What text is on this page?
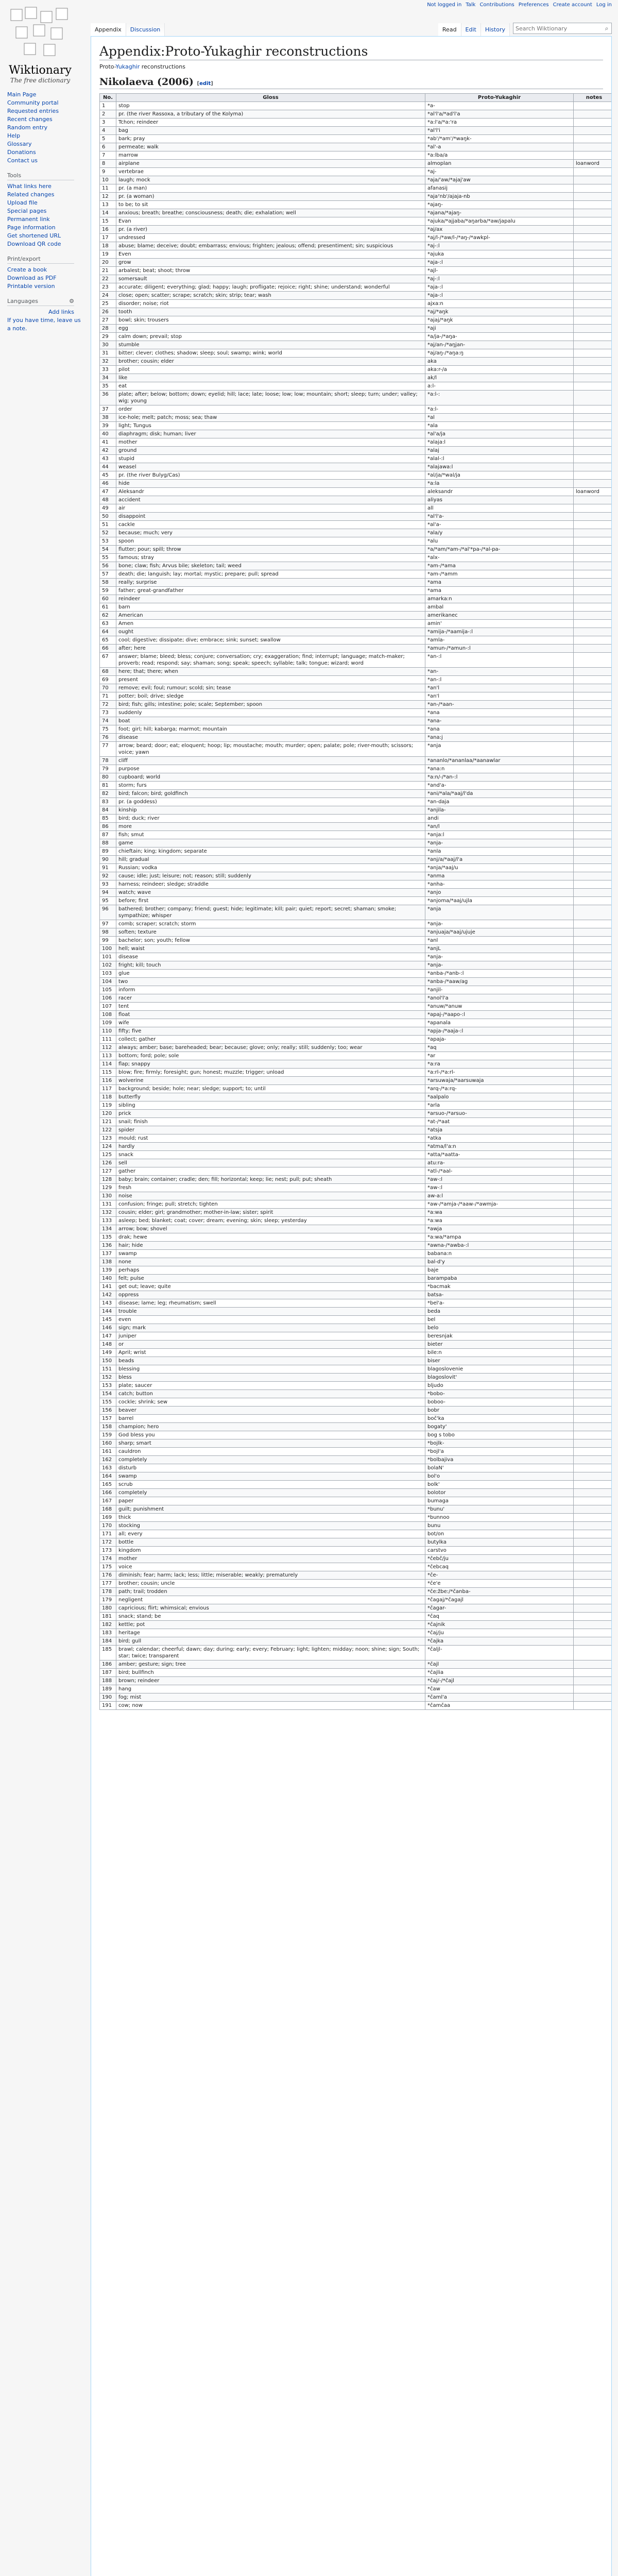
Not logged in Talk Contributions Preferences Create account Log in
Wiktionary
The free dictionary
Main Page
Community portal
Requested entries
Recent changes
Random entry
Help
Glossary
Donations
Contact us
Tools
What links here
Related changes
Upload file
Special pages
Permanent link
Page information
Get shortened URL
Download QR code
Print/export
Create a book
Download as PDF
Printable version
Languages	⚙
Add links
If you have time, leave us a note.
Appendix	Discussion	Read	Edit	History
Search Wiktionary	⌕
Appendix:Proto-Yukaghir reconstructions
Proto-Yukaghir reconstructions
Nikolaeva (2006) [edit]
No.	Gloss	Proto-Yukaghir	notes
1	stop	*a-	
2	pr. (the river Rassoxa, a tributary of the Kolyma)	*al'l'a/*ad'l'a	
3	Tchon; reindeer	*a:l'a/*a:'ra	
4	bag	*al'l'i	
5	bark; pray	*ab'/*am'/*waŋk-	
6	permeate; walk	*al'-a	
7	marrow	*a:lba/a	
8	airplane	almoplan	loanword
9	vertebrae	*aj-	
10	laugh; mock	*aja/'aw/*ajaj'aw	
11	pr. (a man)	afanasij	
12	pr. (a woman)	*ajaˀnb'/ajaja-nb	
13	to be; to sit	*ajaŋ-	
14	anxious; breath; breathe; consciousness; death; die; exhalation; well	*ajana/*ajaŋ-	
15	Evan	*ajuka/*ajjaba/*aŋarba/*aw/japalu	
16	pr. (a river)	*aj/ax	
17	undressed	*aj/l-/*aw/l-/*aŋ-/*awkpl-	
18	abuse; blame; deceive; doubt; embarrass; envious; frighten; jealous; offend; presentiment; sin; suspicious	*aj-:l	
19	Even	*ajuka	
20	grow	*aja-:l	
21	arbalest; beat; shoot; throw	*ajl-	
22	somersault	*aj-:l	
23	accurate; diligent; everything; glad; happy; laugh; profligate; rejoice; right; shine; understand; wonderful	*aja-:l	
24	close; open; scatter; scrape; scratch; skin; strip; tear; wash	*aja-:l	
25	disorder; noise; riot	ajxa:n	
26	tooth	*aj/*aŋk	
27	bowl; skin; trousers	*ajaj/*aŋk	
28	egg	*aji	
29	calm down; prevail; stop	*a/ja-/*aŋa-	
30	stumble	*aj/an-/*aŋjan-	
31	bitter; clever; clothes; shadow; sleep; soul; swamp; wink; world	*aj/aŋ-/*aŋa:ŋ	
32	brother; cousin; elder	aka	
33	pilot	aka:r-/a	
34	like	ak/l	
35	eat	a:l-	
36	plate; after; below; bottom; down; eyelid; hill; lace; late; loose; low; low; mountain; short; sleep; turn; under; valley; wig; young	*a:l-:	
37	order	*a:l-	
38	ice-hole; melt; patch; moss; sea; thaw	*al	
39	light; Tungus	*ala	
40	diaphragm; disk; human; liver	*al'a/ja	
41	mother	*alaja:l	
42	ground	*alaj	
43	stupid	*alal-:l	
44	weasel	*alajawa:l	
45	pr. (the river Bulyg/Cas)	*al/ja/*wal/ja	
46	hide	*a:la	
47	Aleksandr	aleksandr	loanword
48	accident	aliyas	
49	air	all	
50	disappoint	*al'l'a-	
51	cackle	*al'a-	
52	because; much; very	*ala/y	
53	spoon	*alu	
54	flutter; pour; spill; throw	*a/*am/*am-/*al'*pa-/*al-pa-	
55	famous; stray	*alx-	
56	bone; claw; fish; Arvus bile; skeleton; tail; weed	*am-/*ama	
57	death; die; languish; lay; mortal; mystic; prepare; pull; spread	*am-/*amm	
58	really; surprise	*ama	
59	father; great-grandfather	*ama	
60	reindeer	amarka:n	
61	barn	ambal	
62	American	amerikanec	
63	Amen	amin'	
64	ought	*amija-/*aamija-:l	
65	cool; digestive; dissipate; dive; embrace; sink; sunset; swallow	*amla-	
66	after; here	*amun-/*amun-:l	
67	answer; blame; bleed; bless; conjure; conversation; cry; exaggeration; find; interrupt; language; match-maker; proverb; read; respond; say; shaman; song; speak; speech; syllable; talk; tongue; wizard; word	*an-:l	
68	here; that; there; when	*an-	
69	present	*an-:l	
70	remove; evil; foul; rumour; scold; sin; tease	*an'l	
71	potter; boil; drive; sledge	*an'l	
72	bird; fish; gills; intestine; pole; scale; September; spoon	*an-/*aan-	
73	suddenly	*ana	
74	boat	*ana-	
75	foot; girl; hill; kabarga; marmot; mountain	*ana	
76	disease	*ana:j	
77	arrow; beard; door; eat; eloquent; hoop; lip; moustache; mouth; murder; open; palate; pole; river-mouth; scissors; voice; yawn	*anja	
78	cliff	*ananlo/*ananlaa/*aanawlar	
79	purpose	*ana:n	
80	cupboard; world	*a:n/-/*an-:l	
81	storm; furs	*and'a-	
82	bird; falcon; bird; goldfinch	*ani/*ala/*aaj/l'da	
83	pr. (a goddess)	*an-daja	
84	kinship	*anjila-	
85	bird; duck; river	andi	
86	more	*an/l	
87	fish; smut	*anja:l	
88	game	*anja-	
89	chieftain; king; kingdom; separate	*anla	
90	hill; gradual	*anj/a/*aaj/l'a	
91	Russian; vodka	*anja/*aaj/u	
92	cause; idle; just; leisure; not; reason; still; suddenly	*anma	
93	harness; reindeer; sledge; straddle	*anha-	
94	watch; wave	*anjo	
95	before; first	*anjoma/*aaj/ujla	
96	bathered; brother; company; friend; guest; hide; legitimate; kill; pair; quiet; report; secret; shaman; smoke; sympathize; whisper	*anja	
97	comb; scraper; scratch; storm	*anja-	
98	soften; texture	*anjuaja/*aaj/ujuje	
99	bachelor; son; youth; fellow	*anl	
100	hell; waist	*anjL	
101	disease	*anja-	
102	fright; kill; touch	*anja-	
103	glue	*anba-/*anb-:l	
104	two	*anba-/*aaw/ag	
105	inform	*anjil-	
106	racer	*anol'l'a	
107	tent	*anuw/*anuw	
108	float	*apaj-/*aapo-:l	
109	wife	*apanala	
110	fifty; five	*apja-/*aaja-:l	
111	collect; gather	*apaja-	
112	always; amber; base; bareheaded; bear; because; glove; only; really; still; suddenly; too; wear	*aq	
113	bottom; ford; pole; sole	*ar	
114	flap; snappy	*a:ra	
115	blow; fire; firmly; foresight; gun; honest; muzzle; trigger; unload	*a:rl-/*a:rl-	
116	wolverine	*arsuwaja/*aarsuwaja	
117	background; beside; hole; near; sledge; support; to; until	*arq-/*a:rq-	
118	butterfly	*aalpalo	
119	sibling	*arla	
120	prick	*arsuo-/*arsuo-	
121	snail; finish	*at-/*aat	
122	spider	*atsja	
123	mould; rust	*atka	
124	hardly	*atma/l'a:n	
125	snack	*atta/*aatta-	
126	sell	atu:ra-	
127	gather	*atl-/*aal-	
128	baby; brain; container; cradle; den; fill; horizontal; keep; lie; nest; pull; put; sheath	*aw-:l	
129	fresh	*aw-:l	
130	noise	aw-a:l	
131	confusion; fringe; pull; stretch; tighten	*aw-/*amja-/*aaw-/*awmja-	
132	cousin; elder; girl; grandmother; mother-in-law; sister; spirit	*a:wa	
133	asleep; bed; blanket; coat; cover; dream; evening; skin; sleep; yesterday	*a:wa	
134	arrow; bow; shovel	*awja	
135	drak; hewe	*a:wa/*ampa	
136	hair; hide	*awna-/*awba-:l	
137	swamp	babana:n	
138	none	bal-d'y	
139	perhaps	baje	
140	felt; pulse	barampaba	
141	get out; leave; quite	*bacmak	
142	oppress	batsa-	
143	disease; lame; leg; rheumatism; swell	*bel'a-	
144	trouble	beda	
145	even	bel	
146	sign; mark	belo	
147	juniper	beresnjak	
148	or	bieter	
149	April; wrist	bile:n	
150	beads	biser	
151	blessing	blagoslovenie	
152	bless	blagoslovit'	
153	plate; saucer	bljudo	
154	catch; button	*bobo-	
155	cockle; shrink; sew	boboo-	
156	beaver	bobr	
157	barrel	boč'ka	
158	champion; hero	bogaty'	
159	God bless you	bog s tobo	
160	sharp; smart	*bojlk-	
161	cauldron	*bojl'a	
162	completely	*bolbajiva	
163	disturb	bolaN'	
164	swamp	bol'o	
165	scrub	bolk'	
166	completely	bolotor	
167	paper	bumaga	
168	guilt; punishment	*bunu'	
169	thick	*bunnoo	
170	stocking	bunu	
171	all; every	bot/on	
172	bottle	butylka	
173	kingdom	carstvo	
174	mother	*čebč/ju	
175	voice	*čebcaq	
176	diminish; fear; harm; lack; less; little; miserable; weakly; prematurely	*če-	
177	brother; cousin; uncle	*če'e	
178	path; trail; trodden	*če:žbe:/*čanba-	
179	negligent	*čagaj/*čagajl	
180	capricious; flirt; whimsical; envious	*čagar-	
181	snack; stand; be	*čaq	
182	kettle; pot	*čajnik	
183	heritage	*čaj/ju	
184	bird; gull	*čajka	
185	brawl; calendar; cheerful; dawn; day; during; early; every; February; light; lighten; midday; noon; shine; sign; South; star; twice; transparent	*čaljl-	
186	amber; gesture; sign; tree	*čajl	
187	bird; bullfinch	*čajlia	
188	brown; reindeer	*čaj/-/*čajl	
189	hang	*čaw	
190	fog; mist	*čaml'a	
191	cow; now	*čamčaa	
